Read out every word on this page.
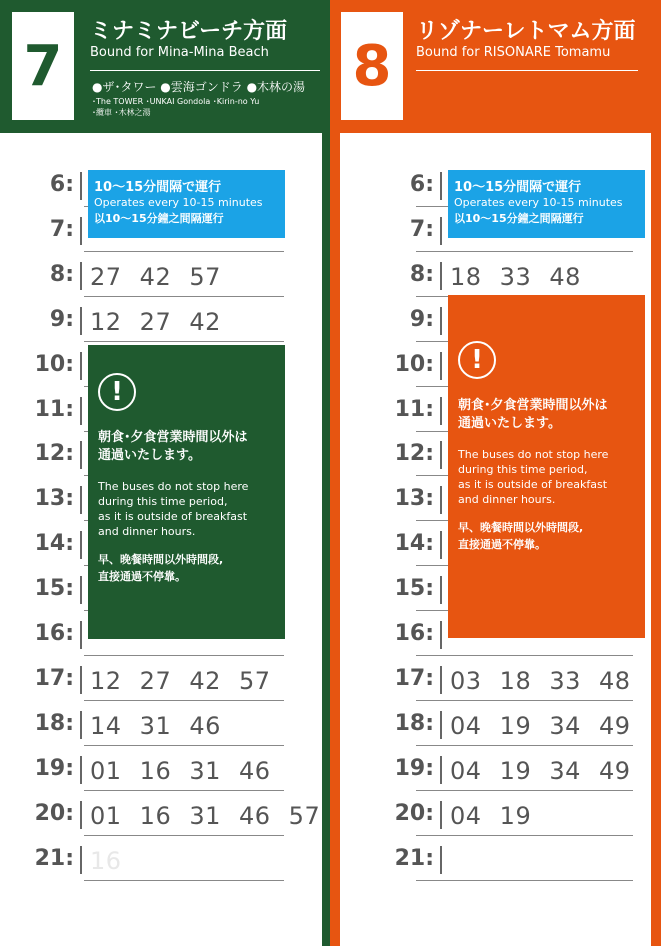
7
ミナミナビーチ方面
Bound for Mina-Mina Beach
●ザ･タワー ●雲海ゴンドラ ●木林の湯
･The TOWER ･UNKAI Gondola ･Kirin-no Yu
･纜車 ･木林之湯
6:
7:
8: 27 42 57
9: 12 27 42
10:
11:
12:
13:
14:
15:
16:
17: 12 27 42 57
18: 14 31 46
19: 01 16 31 46
20: 01 16 31 46 57
21: 16
10～15分間隔で運行
Operates every 10-15 minutes
以10～15分鐘之間隔運行
!
朝食･夕食営業時間以外は
通過いたします。
The buses do not stop here
during this time period,
as it is outside of breakfast
and dinner hours.
早、晚餐時間以外時間段,
直接通過不停靠。
8
リゾナーレトマム方面
Bound for RISONARE Tomamu
6:
7:
8: 18 33 48
9:
10:
11:
12:
13:
14:
15:
16:
17: 03 18 33 48
18: 04 19 34 49
19: 04 19 34 49
20: 04 19
21:
10～15分間隔で運行
Operates every 10-15 minutes
以10～15分鐘之間隔運行
!
朝食･夕食営業時間以外は
通過いたします。
The buses do not stop here
during this time period,
as it is outside of breakfast
and dinner hours.
早、晚餐時間以外時間段,
直接通過不停靠。
